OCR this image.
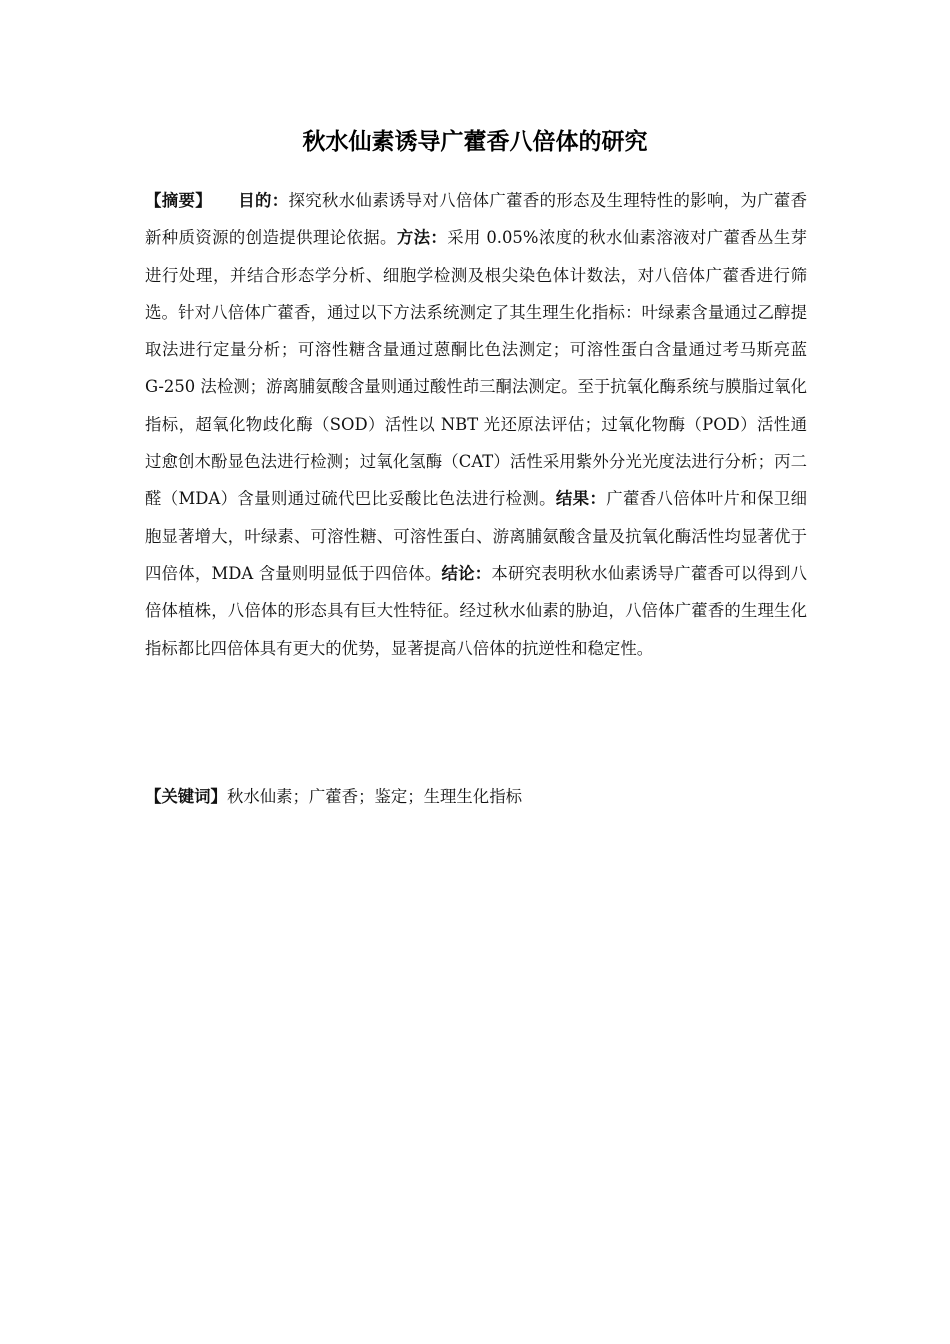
秋水仙素诱导广藿香八倍体的研究

【摘要】 目的：探究秋水仙素诱导对八倍体广藿香的形态及生理特性的影响，为广藿香新种质资源的创造提供理论依据。方法：采用 0.05%浓度的秋水仙素溶液对广藿香丛生芽进行处理，并结合形态学分析、细胞学检测及根尖染色体计数法，对八倍体广藿香进行筛选。针对八倍体广藿香，通过以下方法系统测定了其生理生化指标：叶绿素含量通过乙醇提取法进行定量分析；可溶性糖含量通过蒽酮比色法测定；可溶性蛋白含量通过考马斯亮蓝 G-250 法检测；游离脯氨酸含量则通过酸性茚三酮法测定。至于抗氧化酶系统与膜脂过氧化指标，超氧化物歧化酶（SOD）活性以 NBT 光还原法评估；过氧化物酶（POD）活性通过愈创木酚显色法进行检测；过氧化氢酶（CAT）活性采用紫外分光光度法进行分析；丙二醛（MDA）含量则通过硫代巴比妥酸比色法进行检测。结果：广藿香八倍体叶片和保卫细胞显著增大，叶绿素、可溶性糖、可溶性蛋白、游离脯氨酸含量及抗氧化酶活性均显著优于四倍体，MDA 含量则明显低于四倍体。结论：本研究表明秋水仙素诱导广藿香可以得到八倍体植株，八倍体的形态具有巨大性特征。经过秋水仙素的胁迫，八倍体广藿香的生理生化指标都比四倍体具有更大的优势，显著提高八倍体的抗逆性和稳定性。

【关键词】秋水仙素；广藿香；鉴定；生理生化指标
